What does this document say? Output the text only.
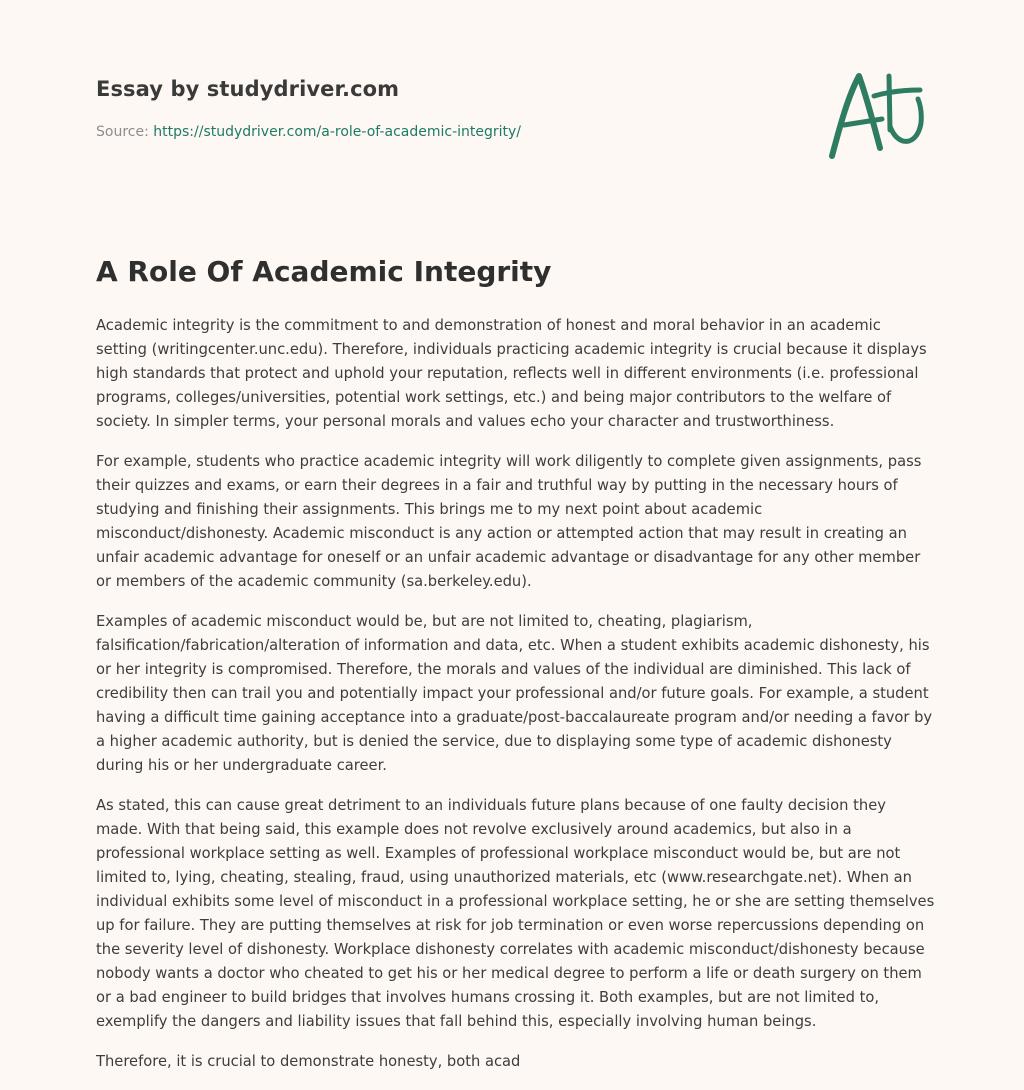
Essay by studydriver.com

Source: https://studydriver.com/a-role-of-academic-integrity/

A Role Of Academic Integrity

Academic integrity is the commitment to and demonstration of honest and moral behavior in an academic setting (writingcenter.unc.edu). Therefore, individuals practicing academic integrity is crucial because it displays high standards that protect and uphold your reputation, reflects well in different environments (i.e. professional programs, colleges/universities, potential work settings, etc.) and being major contributors to the welfare of society. In simpler terms, your personal morals and values echo your character and trustworthiness.

For example, students who practice academic integrity will work diligently to complete given assignments, pass their quizzes and exams, or earn their degrees in a fair and truthful way by putting in the necessary hours of studying and finishing their assignments. This brings me to my next point about academic misconduct/dishonesty. Academic misconduct is any action or attempted action that may result in creating an unfair academic advantage for oneself or an unfair academic advantage or disadvantage for any other member or members of the academic community (sa.berkeley.edu).

Examples of academic misconduct would be, but are not limited to, cheating, plagiarism, falsification/fabrication/alteration of information and data, etc. When a student exhibits academic dishonesty, his or her integrity is compromised. Therefore, the morals and values of the individual are diminished. This lack of credibility then can trail you and potentially impact your professional and/or future goals. For example, a student having a difficult time gaining acceptance into a graduate/post-baccalaureate program and/or needing a favor by a higher academic authority, but is denied the service, due to displaying some type of academic dishonesty during his or her undergraduate career.

As stated, this can cause great detriment to an individuals future plans because of one faulty decision they made. With that being said, this example does not revolve exclusively around academics, but also in a professional workplace setting as well. Examples of professional workplace misconduct would be, but are not limited to, lying, cheating, stealing, fraud, using unauthorized materials, etc (www.researchgate.net). When an individual exhibits some level of misconduct in a professional workplace setting, he or she are setting themselves up for failure. They are putting themselves at risk for job termination or even worse repercussions depending on the severity level of dishonesty. Workplace dishonesty correlates with academic misconduct/dishonesty because nobody wants a doctor who cheated to get his or her medical degree to perform a life or death surgery on them or a bad engineer to build bridges that involves humans crossing it. Both examples, but are not limited to, exemplify the dangers and liability issues that fall behind this, especially involving human beings.

Therefore, it is crucial to demonstrate honesty, both acad
